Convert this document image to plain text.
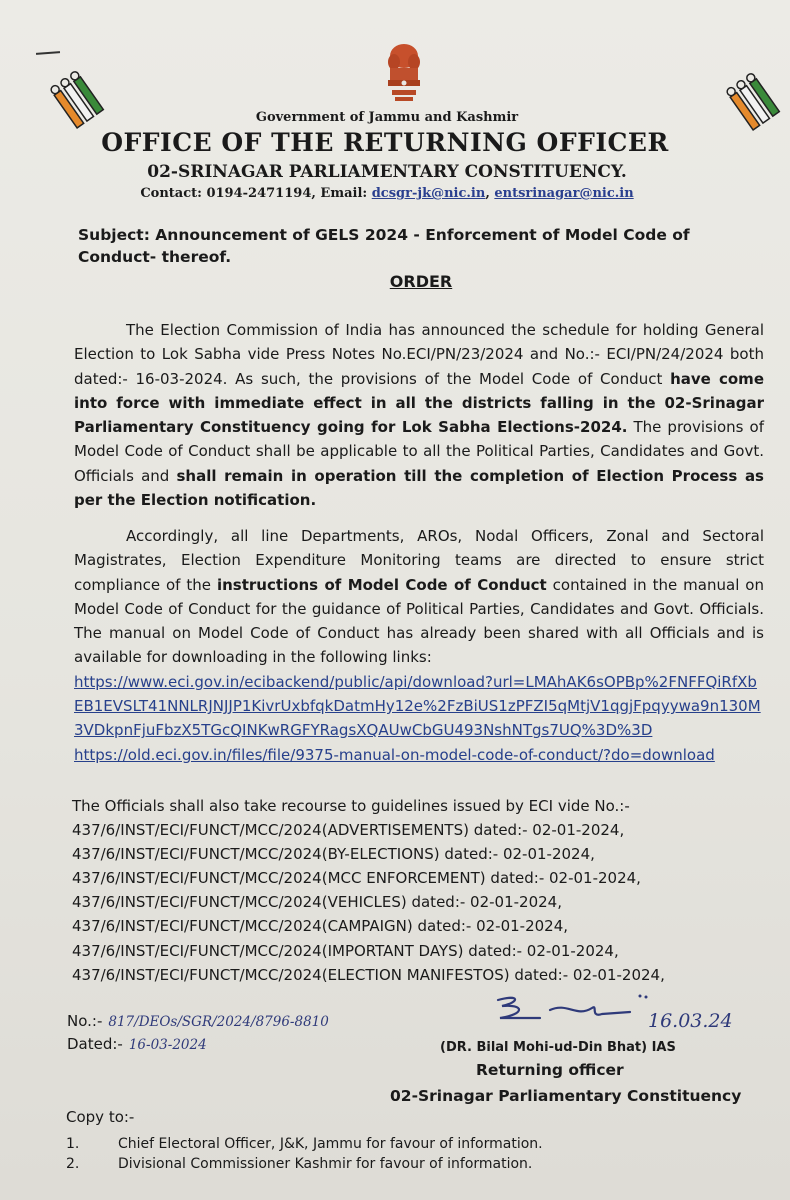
Government of Jammu and Kashmir
OFFICE OF THE RETURNING OFFICER
02-SRINAGAR PARLIAMENTARY CONSTITUENCY.
Contact: 0194-2471194, Email: dcsgr-jk@nic.in, entsrinagar@nic.in
Subject: Announcement of GELS 2024 - Enforcement of Model Code of Conduct- thereof.
ORDER
The Election Commission of India has announced the schedule for holding General Election to Lok Sabha vide Press Notes No.ECI/PN/23/2024 and No.:- ECI/PN/24/2024 both dated:- 16-03-2024. As such, the provisions of the Model Code of Conduct have come into force with immediate effect in all the districts falling in the 02-Srinagar Parliamentary Constituency going for Lok Sabha Elections-2024. The provisions of Model Code of Conduct shall be applicable to all the Political Parties, Candidates and Govt. Officials and shall remain in operation till the completion of Election Process as per the Election notification.
Accordingly, all line Departments, AROs, Nodal Officers, Zonal and Sectoral Magistrates, Election Expenditure Monitoring teams are directed to ensure strict compliance of the instructions of Model Code of Conduct contained in the manual on Model Code of Conduct for the guidance of Political Parties, Candidates and Govt. Officials. The manual on Model Code of Conduct has already been shared with all Officials and is available for downloading in the following links:
https://www.eci.gov.in/ecibackend/public/api/download?url=LMAhAK6sOPBp%2FNFFQiRfXbEB1EVSLT41NNLRJNJJP1KivrUxbfqkDatmHy12e%2FzBiUS1zPFZI5qMtjV1qgjFpqyywa9n130M3VDkpnFjuFbzX5TGcQINKwRGFYRagsXQAUwCbGU493NshNTgs7UQ%3D%3D
https://old.eci.gov.in/files/file/9375-manual-on-model-code-of-conduct/?do=download
The Officials shall also take recourse to guidelines issued by ECI vide No.:-
437/6/INST/ECI/FUNCT/MCC/2024(ADVERTISEMENTS) dated:- 02-01-2024,
437/6/INST/ECI/FUNCT/MCC/2024(BY-ELECTIONS) dated:- 02-01-2024,
437/6/INST/ECI/FUNCT/MCC/2024(MCC ENFORCEMENT) dated:- 02-01-2024,
437/6/INST/ECI/FUNCT/MCC/2024(VEHICLES) dated:- 02-01-2024,
437/6/INST/ECI/FUNCT/MCC/2024(CAMPAIGN) dated:- 02-01-2024,
437/6/INST/ECI/FUNCT/MCC/2024(IMPORTANT DAYS) dated:- 02-01-2024,
437/6/INST/ECI/FUNCT/MCC/2024(ELECTION MANIFESTOS) dated:- 02-01-2024,
No.:- 817/DEOs/SGR/2024/8796-8810
Dated:- 16-03-2024
16.03.24
(DR. Bilal Mohi-ud-Din Bhat) IAS
Returning officer
02-Srinagar Parliamentary Constituency
Copy to:-
1.	Chief Electoral Officer, J&K, Jammu for favour of information.
2.	Divisional Commissioner Kashmir for favour of information.
